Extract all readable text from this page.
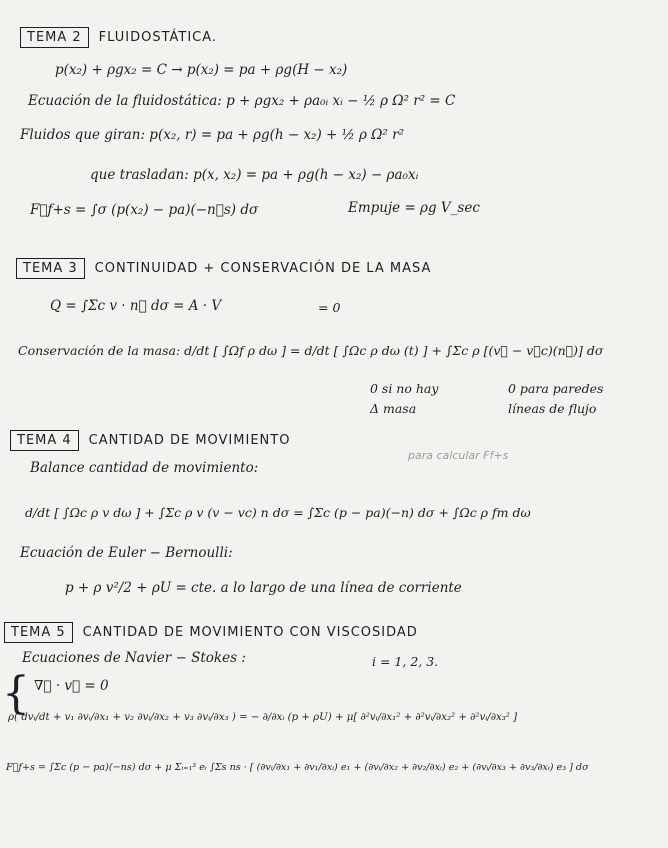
TEMA 2	FLUIDOSTÁTICA.
p(x₂) + ρgx₂ = C → p(x₂) = pa + ρg(H − x₂)
Ecuación de la fluidostática: p + ρgx₂ + ρa₀ᵢ xᵢ − ½ ρ Ω² r² = C
Fluidos que giran: p(x₂, r) = pa + ρg(h − x₂) + ½ ρ Ω² r²
que trasladan: p(x, x₂) = pa + ρg(h − x₂) − ρa₀xᵢ
F⃗f+s = ∫σ (p(x₂) − pa)(−n⃗s) dσ	Empuje = ρg V_sec
TEMA 3	CONTINUIDAD + CONSERVACIÓN DE LA MASA
Q = ∫Σc v · n⃗ dσ = A · V	= 0
Conservación de la masa: d/dt [ ∫Ωf ρ dω ] = d/dt [ ∫Ωc ρ dω (t) ] + ∫Σc ρ [(v⃗ − v⃗c)(n⃗)] dσ
0 si no hay
Δ masa
0 para paredes
líneas de flujo
TEMA 4	CANTIDAD DE MOVIMIENTO
Balance cantidad de movimiento:
para calcular Ff+s
d/dt [ ∫Ωc ρ v dω ] + ∫Σc ρ v (v − vc) n dσ = ∫Σc (p − pa)(−n) dσ + ∫Ωc ρ fm dω
Ecuación de Euler − Bernoulli:
p + ρ v²/2 + ρU = cte. a lo largo de una línea de corriente
TEMA 5	CANTIDAD DE MOVIMIENTO CON VISCOSIDAD
Ecuaciones de Navier − Stokes :	i = 1, 2, 3.
{ ∇⃗ · v⃗ = 0
ρ( dvᵢ/dt + v₁ ∂vᵢ/∂x₁ + v₂ ∂vᵢ/∂x₂ + v₃ ∂vᵢ/∂x₃ ) = − ∂/∂xᵢ (p + ρU) + μ[ ∂²vᵢ/∂x₁² + ∂²vᵢ/∂x₂² + ∂²vᵢ/∂x₃² ]
F⃗f+s = ∫Σc (p − pa)(−ns) dσ + μ Σᵢ₌₁³ eᵢ ∫Σs ns · [ (∂vᵢ/∂x₁ + ∂v₁/∂xᵢ) e₁ + (∂vᵢ/∂x₂ + ∂v₂/∂xᵢ) e₂ + (∂vᵢ/∂x₃ + ∂v₃/∂xᵢ) e₃ ] dσ
